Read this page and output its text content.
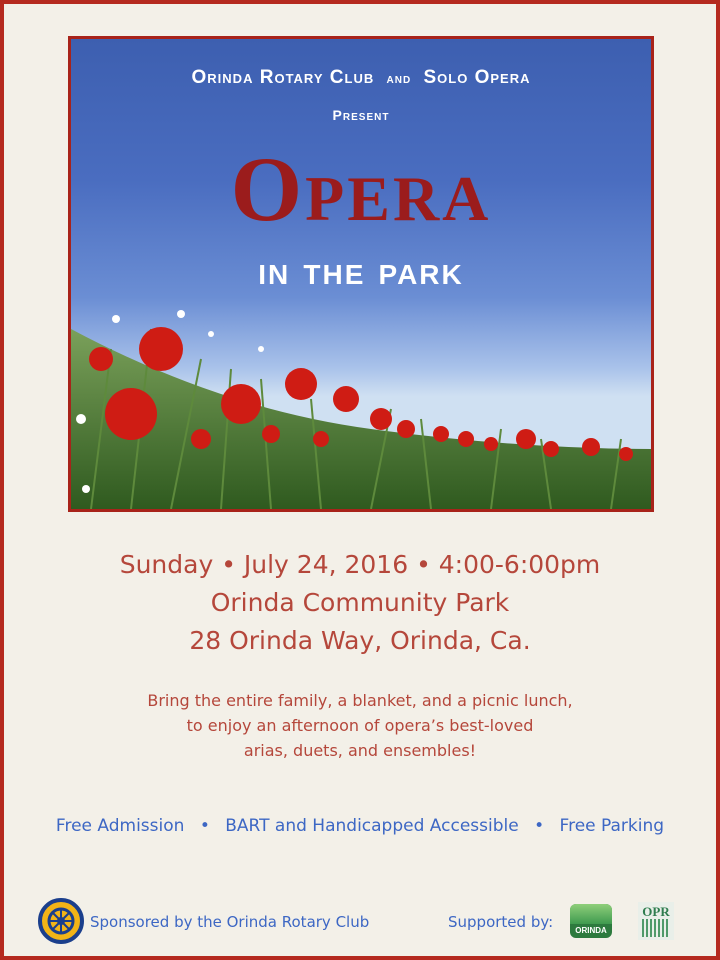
Orinda Rotary Club and Solo Opera
Present
Opera
in the park
Sunday • July 24, 2016 • 4:00-6:00pm
Orinda Community Park
28 Orinda Way, Orinda, Ca.
Bring the entire family, a blanket, and a picnic lunch,
to enjoy an afternoon of opera’s best-loved
arias, duets, and ensembles!
Free Admission • BART and Handicapped Accessible • Free Parking
Sponsored by the Orinda Rotary Club	Supported by:	ORINDA
OPR
